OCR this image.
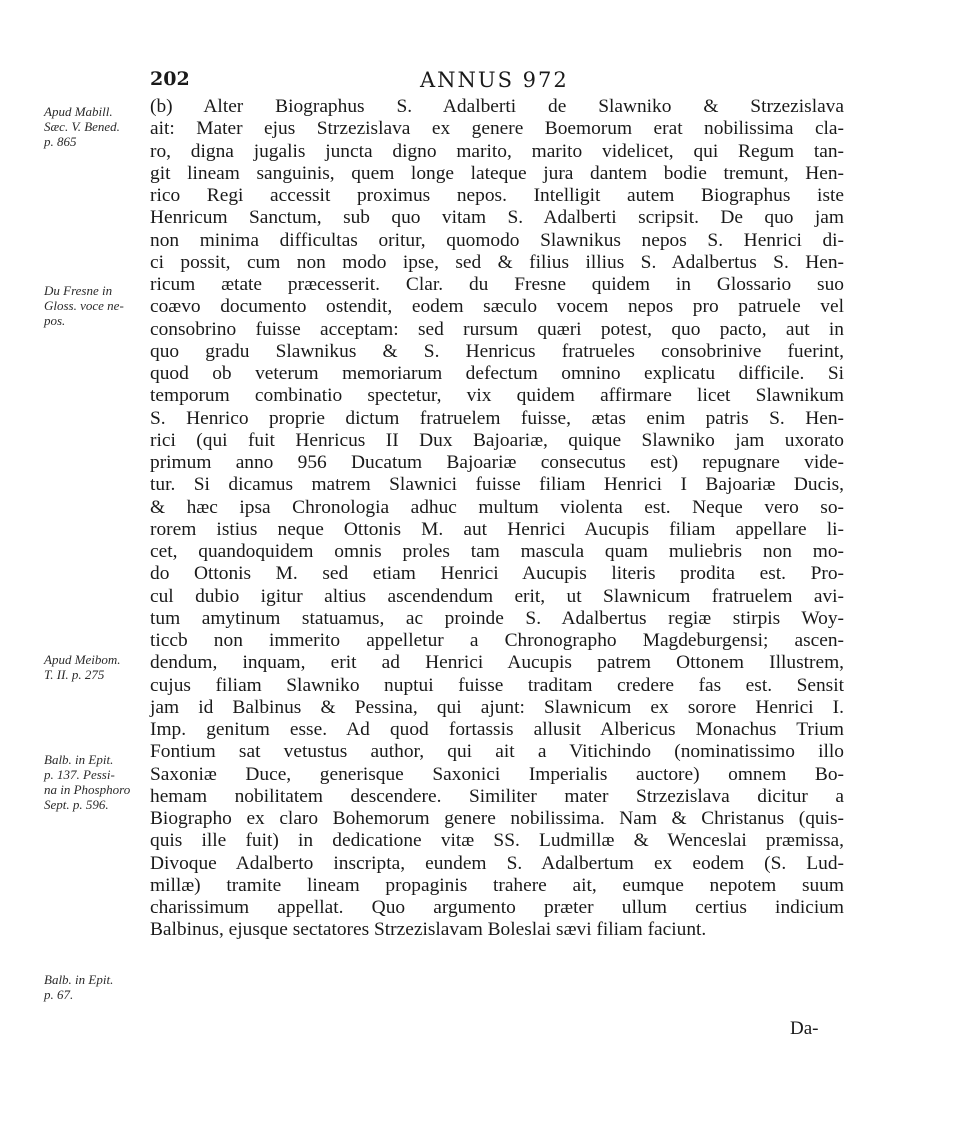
202	ANNUS 972
Apud Mabill.
Sæc. V. Bened.
p. 865
Du Fresne in
Gloss. voce ne-
pos.
Apud Meibom.
T. II. p. 275
Balb. in Epit.
p. 137. Pessi-
na in Phosphoro
Sept. p. 596.
Balb. in Epit.
p. 67.
(b) Alter Biographus S. Adalberti de Slawniko & Strzezislava
ait: Mater ejus Strzezislava ex genere Boemorum erat nobilissima cla-
ro, digna jugalis juncta digno marito, marito videlicet, qui Regum tan-
git lineam sanguinis, quem longe lateque jura dantem bodie tremunt, Hen-
rico Regi accessit proximus nepos. Intelligit autem Biographus iste
Henricum Sanctum, sub quo vitam S. Adalberti scripsit. De quo jam
non minima difficultas oritur, quomodo Slawnikus nepos S. Henrici di-
ci possit, cum non modo ipse, sed & filius illius S. Adalbertus S. Hen-
ricum ætate præcesserit. Clar. du Fresne quidem in Glossario suo
coævo documento ostendit, eodem sæculo vocem nepos pro patruele vel
consobrino fuisse acceptam: sed rursum quæri potest, quo pacto, aut in
quo gradu Slawnikus & S. Henricus fratrueles consobrinive fuerint,
quod ob veterum memoriarum defectum omnino explicatu difficile. Si
temporum combinatio spectetur, vix quidem affirmare licet Slawnikum
S. Henrico proprie dictum fratruelem fuisse, ætas enim patris S. Hen-
rici (qui fuit Henricus II Dux Bajoariæ, quique Slawniko jam uxorato
primum anno 956 Ducatum Bajoariæ consecutus est) repugnare vide-
tur. Si dicamus matrem Slawnici fuisse filiam Henrici I Bajoariæ Ducis,
& hæc ipsa Chronologia adhuc multum violenta est. Neque vero so-
rorem istius neque Ottonis M. aut Henrici Aucupis filiam appellare li-
cet, quandoquidem omnis proles tam mascula quam muliebris non mo-
do Ottonis M. sed etiam Henrici Aucupis literis prodita est. Pro-
cul dubio igitur altius ascendendum erit, ut Slawnicum fratruelem avi-
tum amytinum statuamus, ac proinde S. Adalbertus regiæ stirpis Woy-
ticcb non immerito appelletur a Chronographo Magdeburgensi; ascen-
dendum, inquam, erit ad Henrici Aucupis patrem Ottonem Illustrem,
cujus filiam Slawniko nuptui fuisse traditam credere fas est. Sensit
jam id Balbinus & Pessina, qui ajunt: Slawnicum ex sorore Henrici I.
Imp. genitum esse. Ad quod fortassis allusit Albericus Monachus Trium
Fontium sat vetustus author, qui ait a Vitichindo (nominatissimo illo
Saxoniæ Duce, generisque Saxonici Imperialis auctore) omnem Bo-
hemam nobilitatem descendere. Similiter mater Strzezislava dicitur a
Biographo ex claro Bohemorum genere nobilissima. Nam & Christanus (quis-
quis ille fuit) in dedicatione vitæ SS. Ludmillæ & Wenceslai præmissa,
Divoque Adalberto inscripta, eundem S. Adalbertum ex eodem (S. Lud-
millæ) tramite lineam propaginis trahere ait, eumque nepotem suum
charissimum appellat. Quo argumento præter ullum certius indicium
Balbinus, ejusque sectatores Strzezislavam Boleslai sævi filiam faciunt.
Da-
